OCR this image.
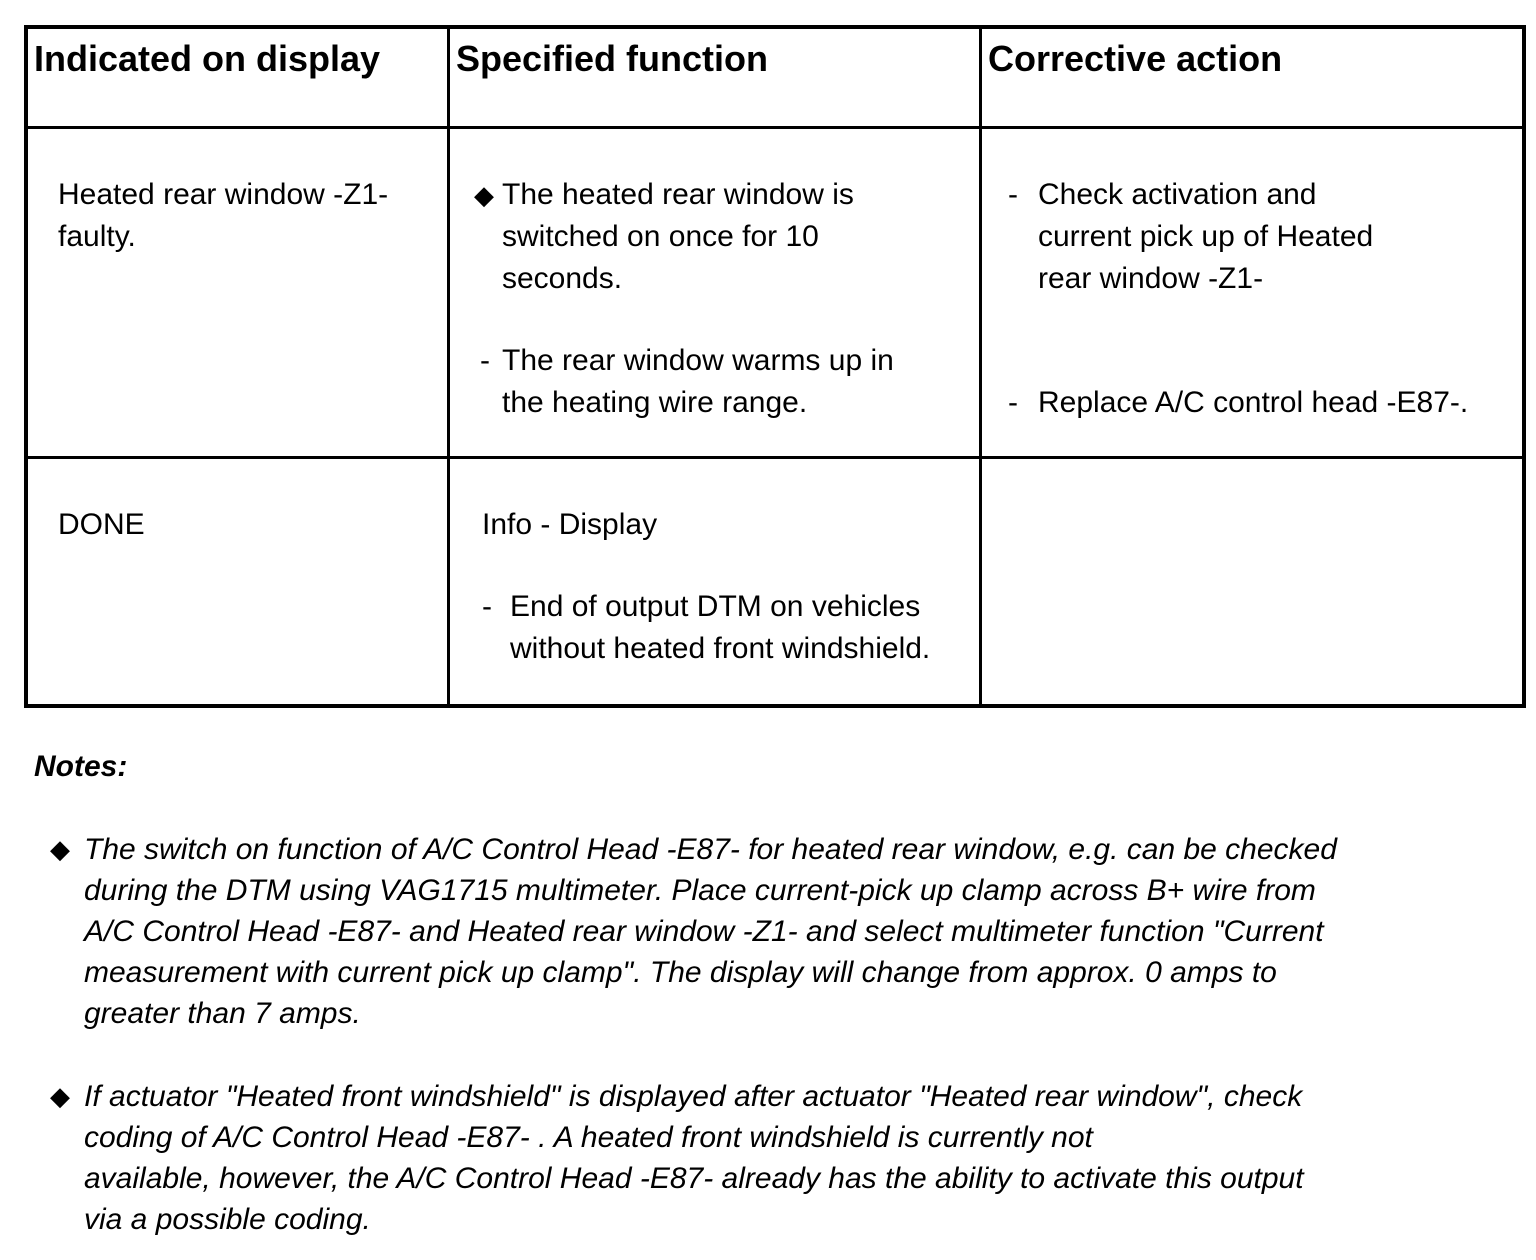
Indicated on display Specified function	Corrective action

Heated rear window -Z1-

faulty.

◆ The heated rear window is

switched on once for 10

seconds.

- The rear window warms up in

the heating wire range.

- Check activation and

current pick up of Heated

rear window -Z1-

- Replace A/C control head -E87-.

DONE	Info - Display

- End of output DTM on vehicles

without heated front windshield.

Notes:
◆ The switch on function of A/C Control Head -E87- for heated rear window, e.g. can be checked

during the DTM using VAG1715 multimeter. Place current-pick up clamp across B+ wire from

A/C Control Head -E87- and Heated rear window -Z1- and select multimeter function "Current

measurement with current pick up clamp". The display will change from approx. 0 amps to

greater than 7 amps.

◆ If actuator "Heated front windshield" is displayed after actuator "Heated rear window", check

coding of A/C Control Head -E87- . A heated front windshield is currently not

available, however, the A/C Control Head -E87- already has the ability to activate this output

via a possible coding.
